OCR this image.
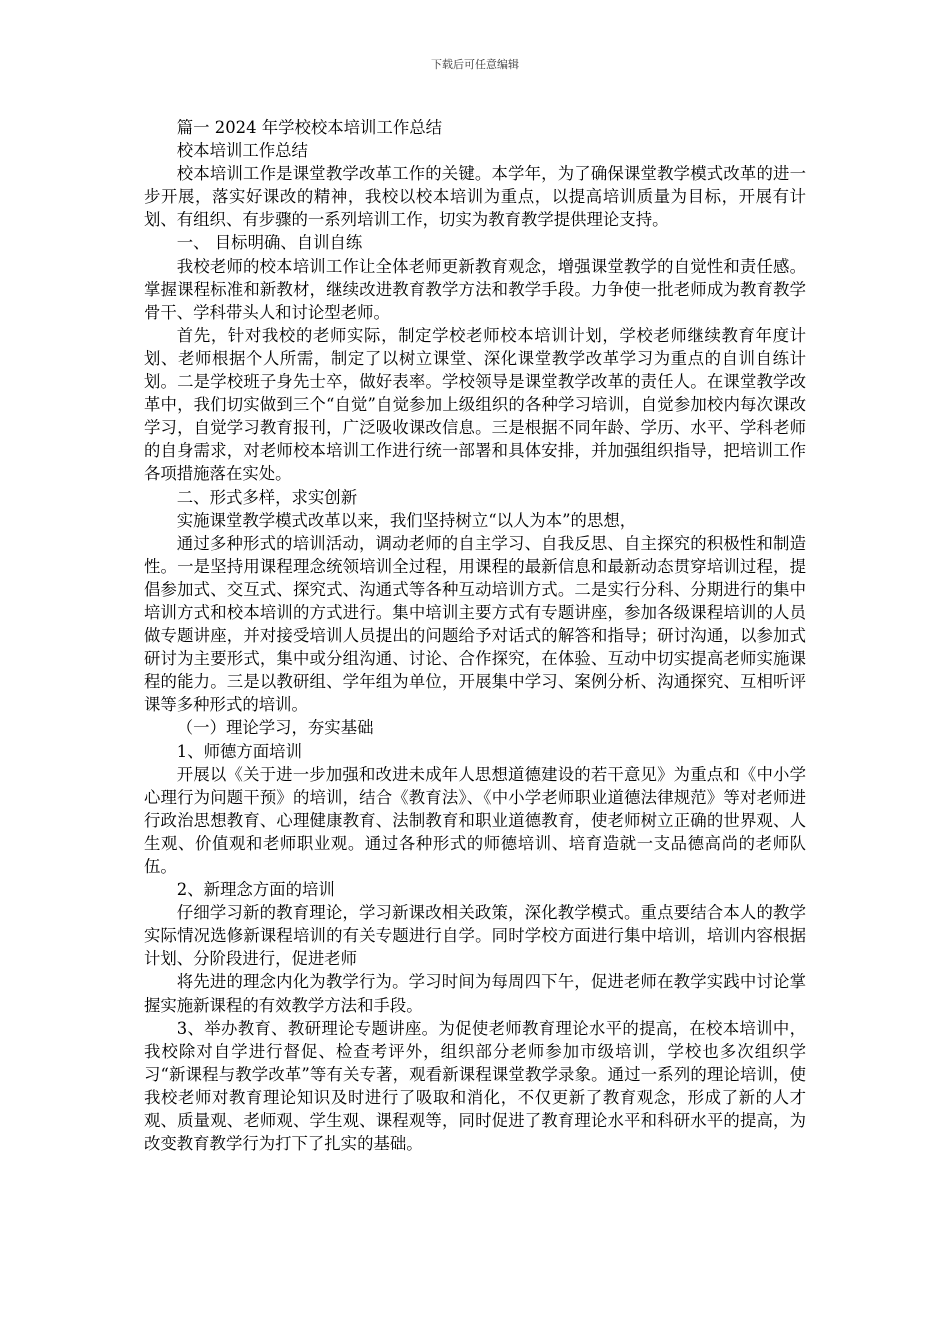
下载后可任意编辑

篇一 2024 年学校校本培训工作总结

校本培训工作总结

校本培训工作是课堂教学改革工作的关键。本学年，为了确保课堂教学模式改革的进一步开展，落实好课改的精神，我校以校本培训为重点，以提高培训质量为目标，开展有计划、有组织、有步骤的一系列培训工作，切实为教育教学提供理论支持。

一、 目标明确、自训自练

我校老师的校本培训工作让全体老师更新教育观念，增强课堂教学的自觉性和责任感。掌握课程标准和新教材，继续改进教育教学方法和教学手段。力争使一批老师成为教育教学骨干、学科带头人和讨论型老师。

首先，针对我校的老师实际，制定学校老师校本培训计划，学校老师继续教育年度计划、老师根据个人所需，制定了以树立课堂、深化课堂教学改革学习为重点的自训自练计划。二是学校班子身先士卒，做好表率。学校领导是课堂教学改革的责任人。在课堂教学改革中，我们切实做到三个“自觉”自觉参加上级组织的各种学习培训，自觉参加校内每次课改学习，自觉学习教育报刊，广泛吸收课改信息。三是根据不同年龄、学历、水平、学科老师的自身需求，对老师校本培训工作进行统一部署和具体安排，并加强组织指导，把培训工作各项措施落在实处。

二、形式多样，求实创新

实施课堂教学模式改革以来，我们坚持树立“以人为本”的思想，

通过多种形式的培训活动，调动老师的自主学习、自我反思、自主探究的积极性和制造性。一是坚持用课程理念统领培训全过程，用课程的最新信息和最新动态贯穿培训过程，提倡参加式、交互式、探究式、沟通式等各种互动培训方式。二是实行分科、分期进行的集中培训方式和校本培训的方式进行。集中培训主要方式有专题讲座，参加各级课程培训的人员做专题讲座，并对接受培训人员提出的问题给予对话式的解答和指导；研讨沟通，以参加式研讨为主要形式，集中或分组沟通、讨论、合作探究，在体验、互动中切实提高老师实施课程的能力。三是以教研组、学年组为单位，开展集中学习、案例分析、沟通探究、互相听评课等多种形式的培训。

（一）理论学习，夯实基础

1、师德方面培训

开展以《关于进一步加强和改进未成年人思想道德建设的若干意见》为重点和《中小学心理行为问题干预》的培训，结合《教育法》、《中小学老师职业道德法律规范》等对老师进行政治思想教育、心理健康教育、法制教育和职业道德教育，使老师树立正确的世界观、人生观、价值观和老师职业观。通过各种形式的师德培训、培育造就一支品德高尚的老师队伍。

2、新理念方面的培训

仔细学习新的教育理论，学习新课改相关政策，深化教学模式。重点要结合本人的教学实际情况选修新课程培训的有关专题进行自学。同时学校方面进行集中培训，培训内容根据计划、分阶段进行，促进老师

将先进的理念内化为教学行为。学习时间为每周四下午，促进老师在教学实践中讨论掌握实施新课程的有效教学方法和手段。

3、举办教育、教研理论专题讲座。为促使老师教育理论水平的提高，在校本培训中，我校除对自学进行督促、检查考评外，组织部分老师参加市级培训，学校也多次组织学习“新课程与教学改革”等有关专著，观看新课程课堂教学录象。通过一系列的理论培训，使我校老师对教育理论知识及时进行了吸取和消化，不仅更新了教育观念，形成了新的人才观、质量观、老师观、学生观、课程观等，同时促进了教育理论水平和科研水平的提高，为改变教育教学行为打下了扎实的基础。
